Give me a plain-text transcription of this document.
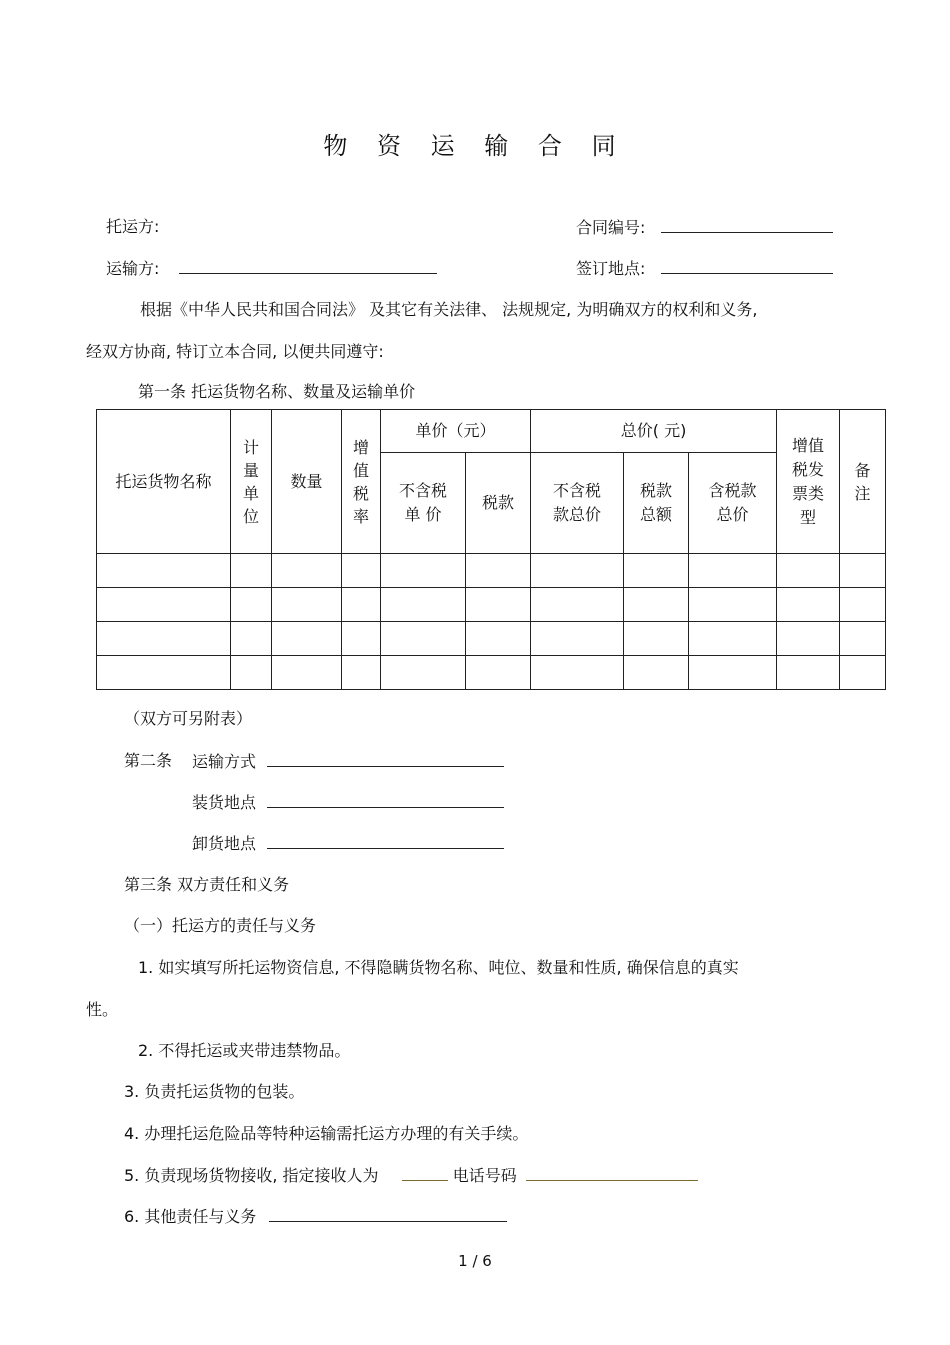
物 资 运 输 合 同
托运方:	合同编号:
运输方:	签订地点:
根据《中华人民共和国合同法》 及其它有关法律、 法规规定, 为明确双方的权利和义务,
经双方协商, 特订立本合同, 以便共同遵守:
第一条 托运货物名称、数量及运输单价
托运货物名称	计量单位	数量	增值税率	单价（元）		总价( 元)			增值税发票类型	备注

				不含税单 价	税款	不含税款总价	税款总额	含税款总价		

（双方可另附表）
第二条 运输方式
装货地点
卸货地点
第三条 双方责任和义务
（一）托运方的责任与义务
1. 如实填写所托运物资信息, 不得隐瞒货物名称、吨位、数量和性质, 确保信息的真实
性。
2. 不得托运或夹带违禁物品。
3. 负责托运货物的包装。
4. 办理托运危险品等特种运输需托运方办理的有关手续。
5. 负责现场货物接收, 指定接收人为	电话号码
6. 其他责任与义务
1 / 6
